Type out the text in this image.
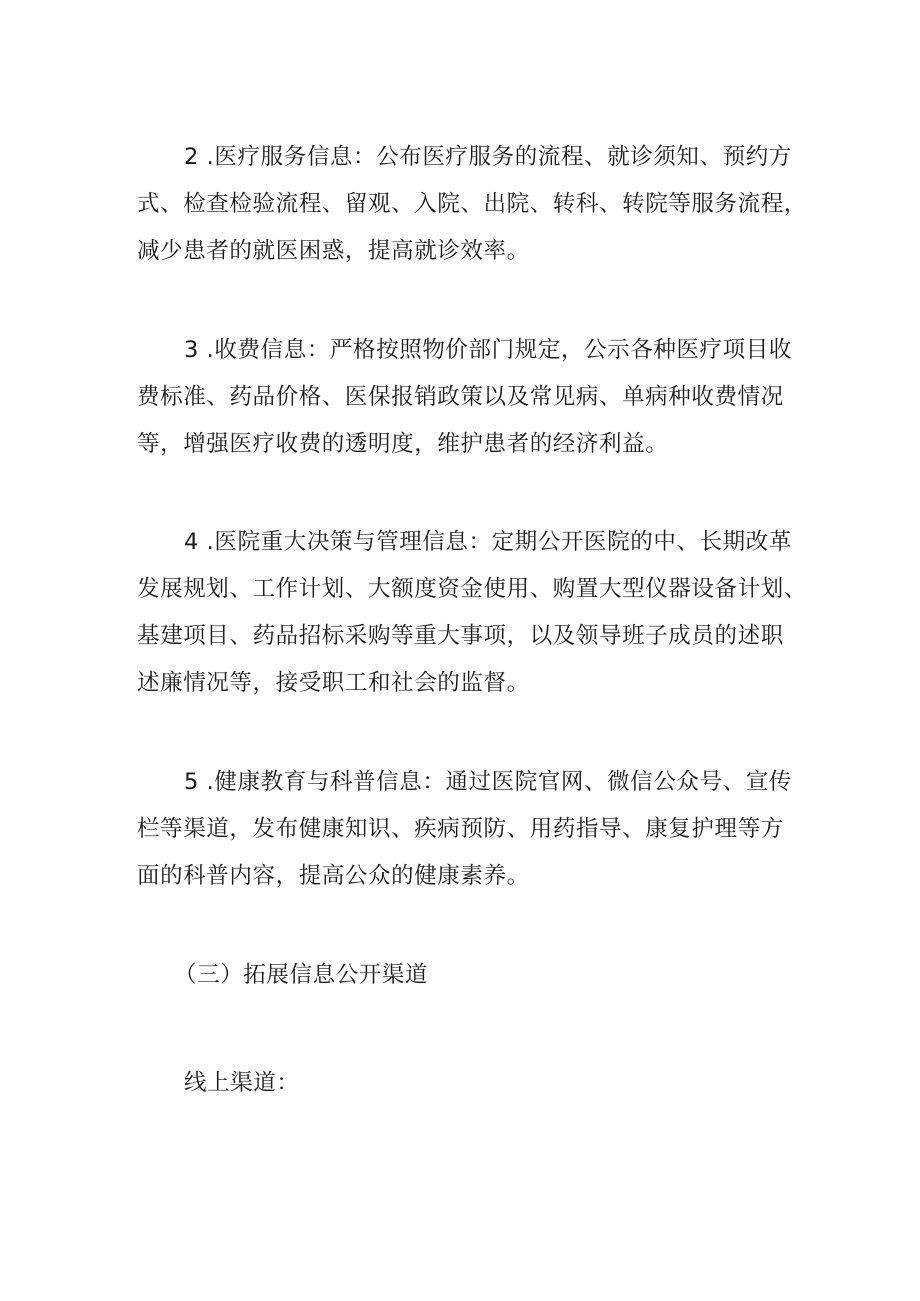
2 .医疗服务信息：公布医疗服务的流程、就诊须知、预约方
式、检查检验流程、留观、入院、出院、转科、转院等服务流程，
减少患者的就医困惑，提高就诊效率。

3 .收费信息：严格按照物价部门规定，公示各种医疗项目收
费标准、药品价格、医保报销政策以及常见病、单病种收费情况
等，增强医疗收费的透明度，维护患者的经济利益。

4 .医院重大决策与管理信息：定期公开医院的中、长期改革
发展规划、工作计划、大额度资金使用、购置大型仪器设备计划、
基建项目、药品招标采购等重大事项，以及领导班子成员的述职
述廉情况等，接受职工和社会的监督。

5 .健康教育与科普信息：通过医院官网、微信公众号、宣传
栏等渠道，发布健康知识、疾病预防、用药指导、康复护理等方
面的科普内容，提高公众的健康素养。

（三）拓展信息公开渠道

线上渠道：
